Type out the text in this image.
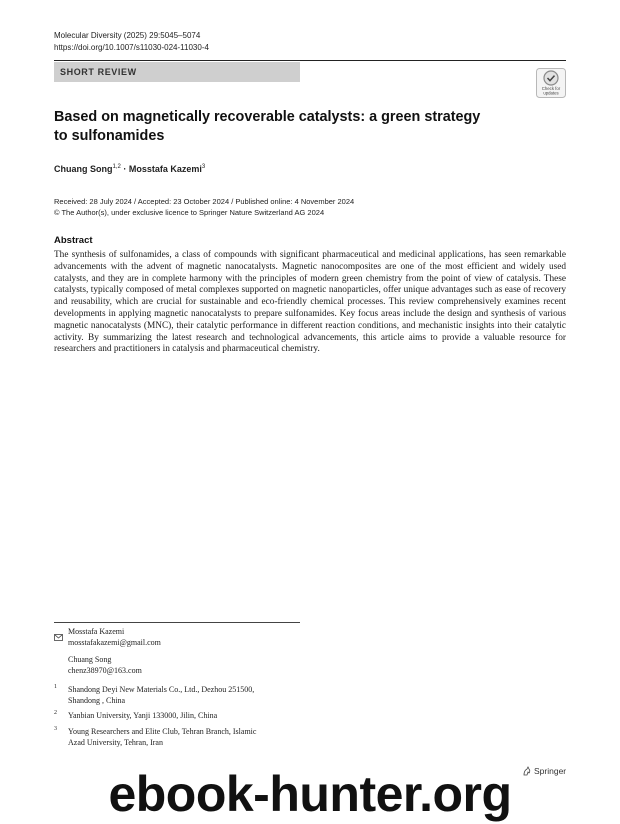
Molecular Diversity (2025) 29:5045–5074
https://doi.org/10.1007/s11030-024-11030-4
SHORT REVIEW
Check for
updates
Based on magnetically recoverable catalysts: a green strategy to sulfonamides
Chuang Song$^{1,2}$ · Mosstafa Kazemi$^3$
Received: 28 July 2024 / Accepted: 23 October 2024 / Published online: 4 November 2024
© The Author(s), under exclusive licence to Springer Nature Switzerland AG 2024
Abstract
The synthesis of sulfonamides, a class of compounds with significant pharmaceutical and medicinal applications, has seen remarkable advancements with the advent of magnetic nanocatalysts. Magnetic nanocomposites are one of the most efficient and widely used catalysts, and they are in complete harmony with the principles of modern green chemistry from the point of view of catalysis. These catalysts, typically composed of metal complexes supported on magnetic nanoparticles, offer unique advantages such as ease of recovery and reusability, which are crucial for sustainable and eco-friendly chemical processes. This review comprehensively examines recent developments in applying magnetic nanocatalysts to prepare sulfonamides. Key focus areas include the design and synthesis of various magnetic nanocatalysts (MNC), their catalytic performance in different reaction conditions, and mechanistic insights into their catalytic activity. By summarizing the latest research and technological advancements, this article aims to provide a valuable resource for researchers and practitioners in catalysis and pharmaceutical chemistry.
Mosstafa Kazemi
mosstafakazemi@gmail.com
Chuang Song
chenz38970@163.com
1 Shandong Deyi New Materials Co., Ltd., Dezhou 251500,
Shandong , China
2 Yanbian University, Yanji 133000, Jilin, China
3 Young Researchers and Elite Club, Tehran Branch, Islamic
Azad University, Tehran, Iran
Springer
ebook-hunter.org
